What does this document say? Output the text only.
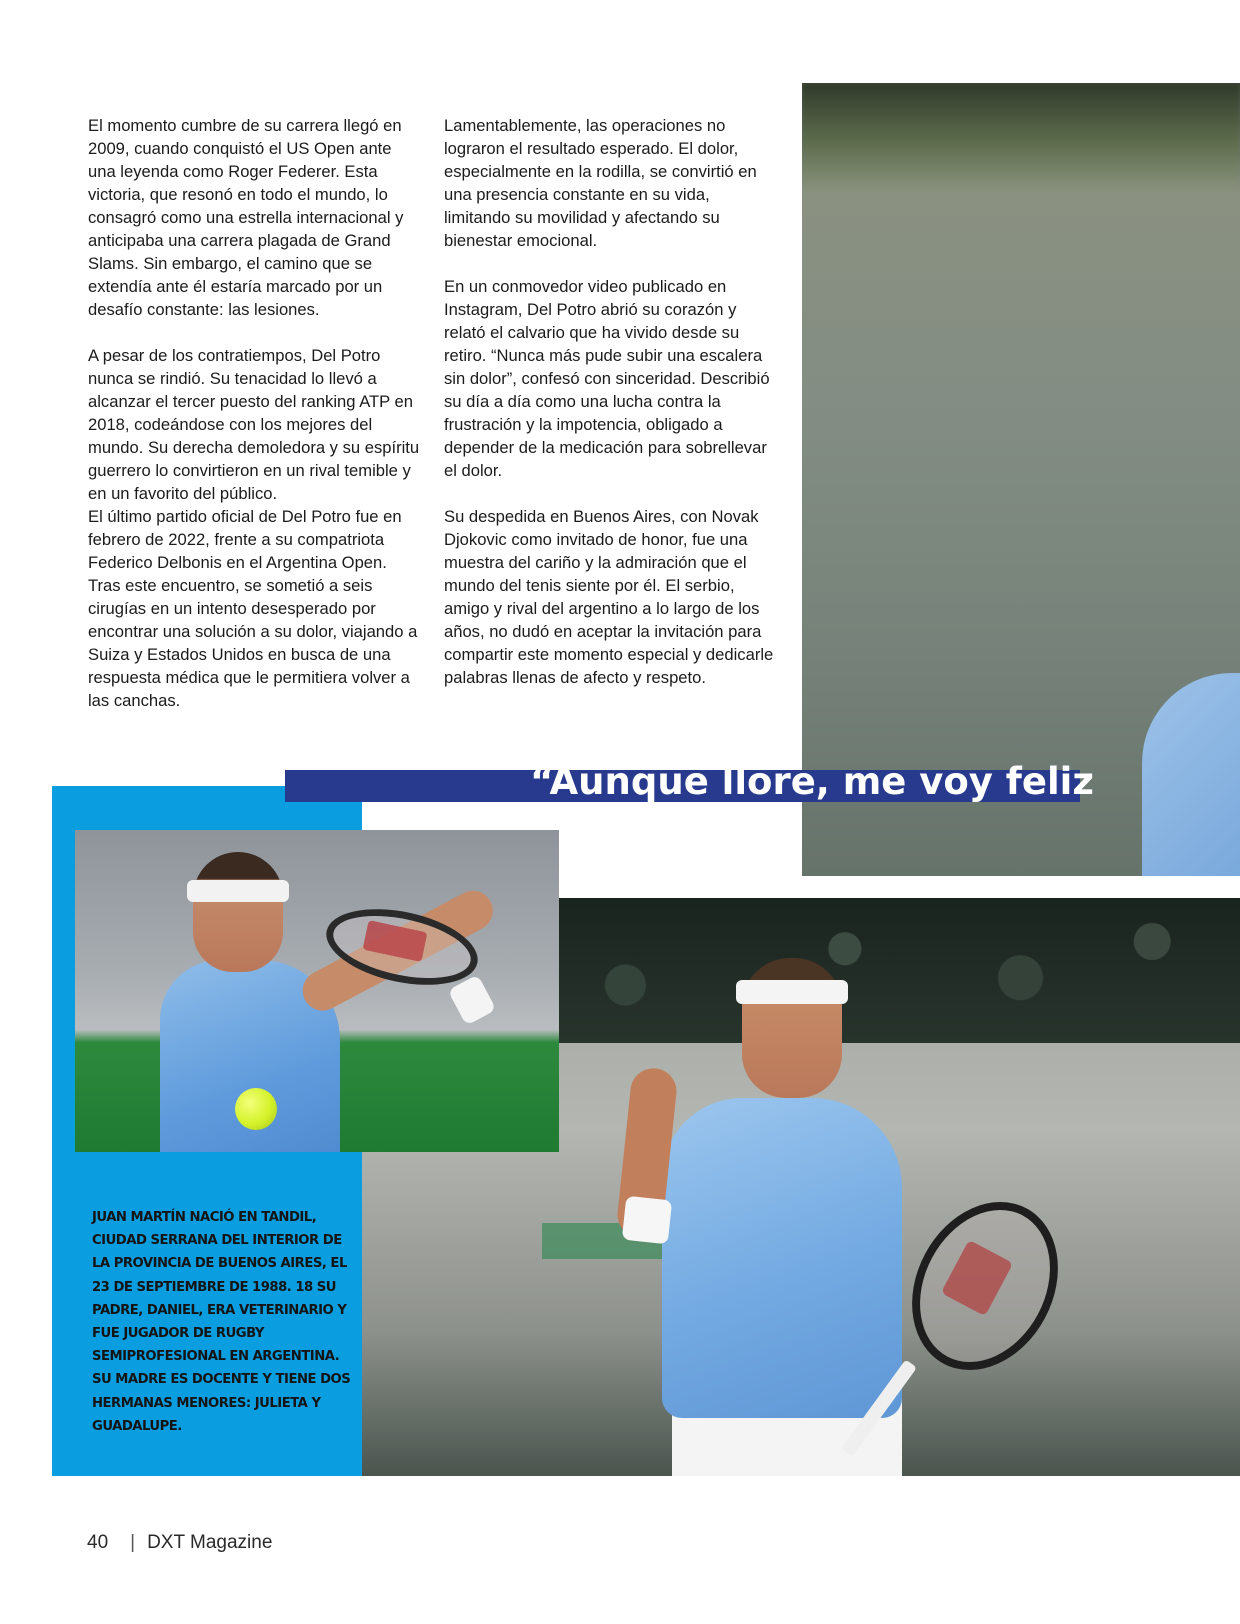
El momento cumbre de su carrera llegó en 2009, cuando conquistó el US Open ante una leyenda como Roger Federer. Esta victoria, que resonó en todo el mundo, lo consagró como una estrella internacional y anticipaba una carrera plagada de Grand Slams. Sin embargo, el camino que se extendía ante él estaría marcado por un desafío constante: las lesiones.

A pesar de los contratiempos, Del Potro nunca se rindió. Su tenacidad lo llevó a alcanzar el tercer puesto del ranking ATP en 2018, codeándose con los mejores del mundo. Su derecha demoledora y su espíritu guerrero lo convirtieron en un rival temible y en un favorito del público.

El último partido oficial de Del Potro fue en febrero de 2022, frente a su compatriota Federico Delbonis en el Argentina Open. Tras este encuentro, se sometió a seis cirugías en un intento desesperado por encontrar una solución a su dolor, viajando a Suiza y Estados Unidos en busca de una respuesta médica que le permitiera volver a las canchas.

Lamentablemente, las operaciones no lograron el resultado esperado. El dolor, especialmente en la rodilla, se convirtió en una presencia constante en su vida, limitando su movilidad y afectando su bienestar emocional.

En un conmovedor video publicado en Instagram, Del Potro abrió su corazón y relató el calvario que ha vivido desde su retiro. “Nunca más pude subir una escalera sin dolor”, confesó con sinceridad. Describió su día a día como una lucha contra la frustración y la impotencia, obligado a depender de la medicación para sobrellevar el dolor.

Su despedida en Buenos Aires, con Novak Djokovic como invitado de honor, fue una muestra del cariño y la admiración que el mundo del tenis siente por él. El serbio, amigo y rival del argentino a lo largo de los años, no dudó en aceptar la invitación para compartir este momento especial y dedicarle palabras llenas de afecto y respeto.

“Aunque llore, me voy feliz
JUAN MARTÍN NACIÓ EN TANDIL, CIUDAD SERRANA DEL INTERIOR DE LA PROVINCIA DE BUENOS AIRES, EL 23 DE SEPTIEMBRE DE 1988. 18 SU PADRE, DANIEL, ERA VETERINARIO Y FUE JUGADOR DE RUGBY SEMIPROFESIONAL EN ARGENTINA. SU MADRE ES DOCENTE Y TIENE DOS HERMANAS MENORES: JULIETA Y GUADALUPE.
40 | DXT Magazine
